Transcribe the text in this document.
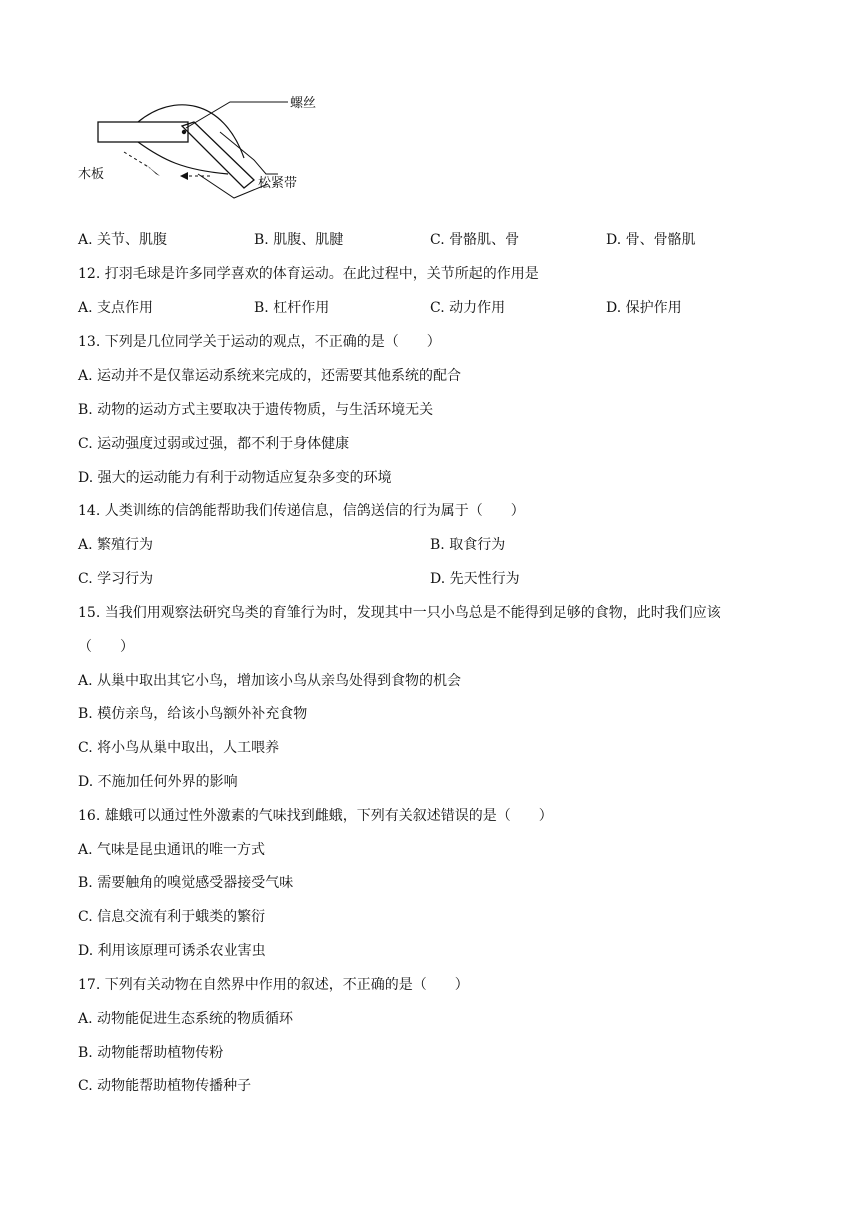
螺丝
木板
松紧带
A. 关节、肌腹	B. 肌腹、肌腱	C. 骨骼肌、骨	D. 骨、骨骼肌
12. 打羽毛球是许多同学喜欢的体育运动。在此过程中，关节所起的作用是
A. 支点作用	B. 杠杆作用	C. 动力作用	D. 保护作用
13. 下列是几位同学关于运动的观点，不正确的是（　　）
A. 运动并不是仅靠运动系统来完成的，还需要其他系统的配合
B. 动物的运动方式主要取决于遗传物质，与生活环境无关
C. 运动强度过弱或过强，都不利于身体健康
D. 强大的运动能力有利于动物适应复杂多变的环境
14. 人类训练的信鸽能帮助我们传递信息，信鸽送信的行为属于（　　）
A. 繁殖行为	B. 取食行为
C. 学习行为	D. 先天性行为
15. 当我们用观察法研究鸟类的育雏行为时，发现其中一只小鸟总是不能得到足够的食物，此时我们应该
（　　）
A. 从巢中取出其它小鸟，增加该小鸟从亲鸟处得到食物的机会
B. 模仿亲鸟，给该小鸟额外补充食物
C. 将小鸟从巢中取出，人工喂养
D. 不施加任何外界的影响
16. 雄蛾可以通过性外激素的气味找到雌蛾，下列有关叙述错误的是（　　）
A. 气味是昆虫通讯的唯一方式
B. 需要触角的嗅觉感受器接受气味
C. 信息交流有利于蛾类的繁衍
D. 利用该原理可诱杀农业害虫
17. 下列有关动物在自然界中作用的叙述，不正确的是（　　）
A. 动物能促进生态系统的物质循环
B. 动物能帮助植物传粉
C. 动物能帮助植物传播种子
